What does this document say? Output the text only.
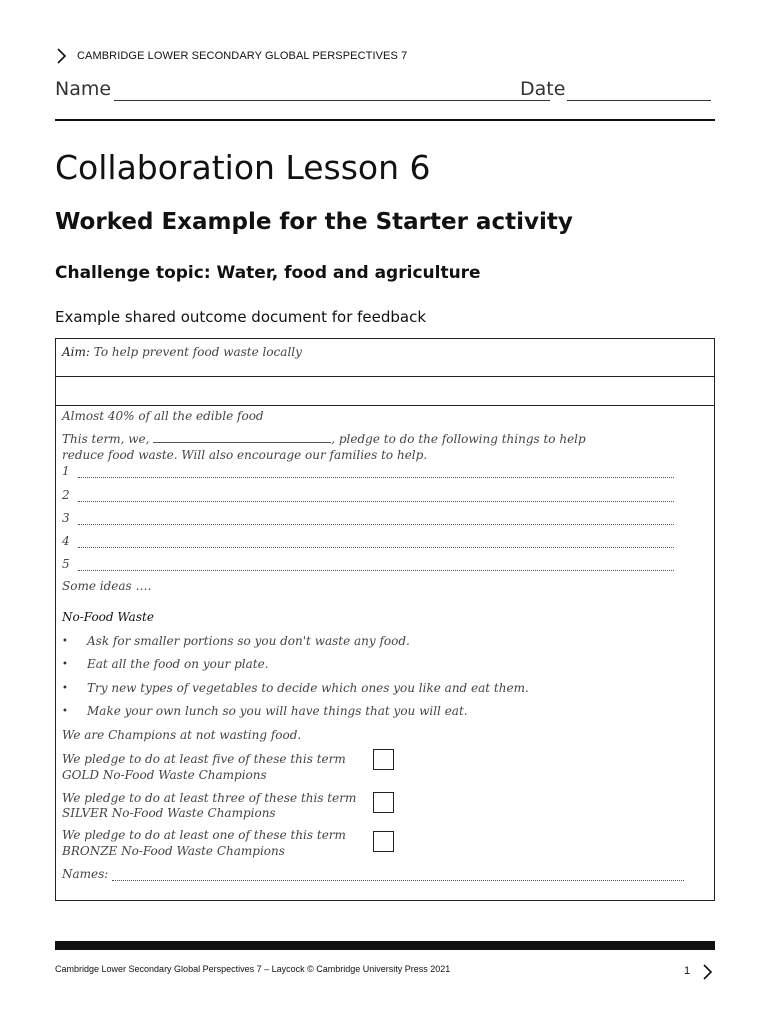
CAMBRIDGE LOWER SECONDARY GLOBAL PERSPECTIVES 7
Name	Date
Collaboration Lesson 6
Worked Example for the Starter activity
Challenge topic: Water, food and agriculture
Example shared outcome document for feedback
Aim: To help prevent food waste locally
Almost 40% of all the edible food
This term, we,	, pledge to do the following things to help
reduce food waste. Will also encourage our families to help.
1
2
3
4
5
Some ideas ….
No-Food Waste
•	Ask for smaller portions so you don't waste any food.
•	Eat all the food on your plate.
•	Try new types of vegetables to decide which ones you like and eat them.
•	Make your own lunch so you will have things that you will eat.
We are Champions at not wasting food.
We pledge to do at least five of these this term
GOLD No-Food Waste Champions
We pledge to do at least three of these this term
SILVER No-Food Waste Champions
We pledge to do at least one of these this term
BRONZE No-Food Waste Champions
Names:
Cambridge Lower Secondary Global Perspectives 7 – Laycock © Cambridge University Press 2021	1
